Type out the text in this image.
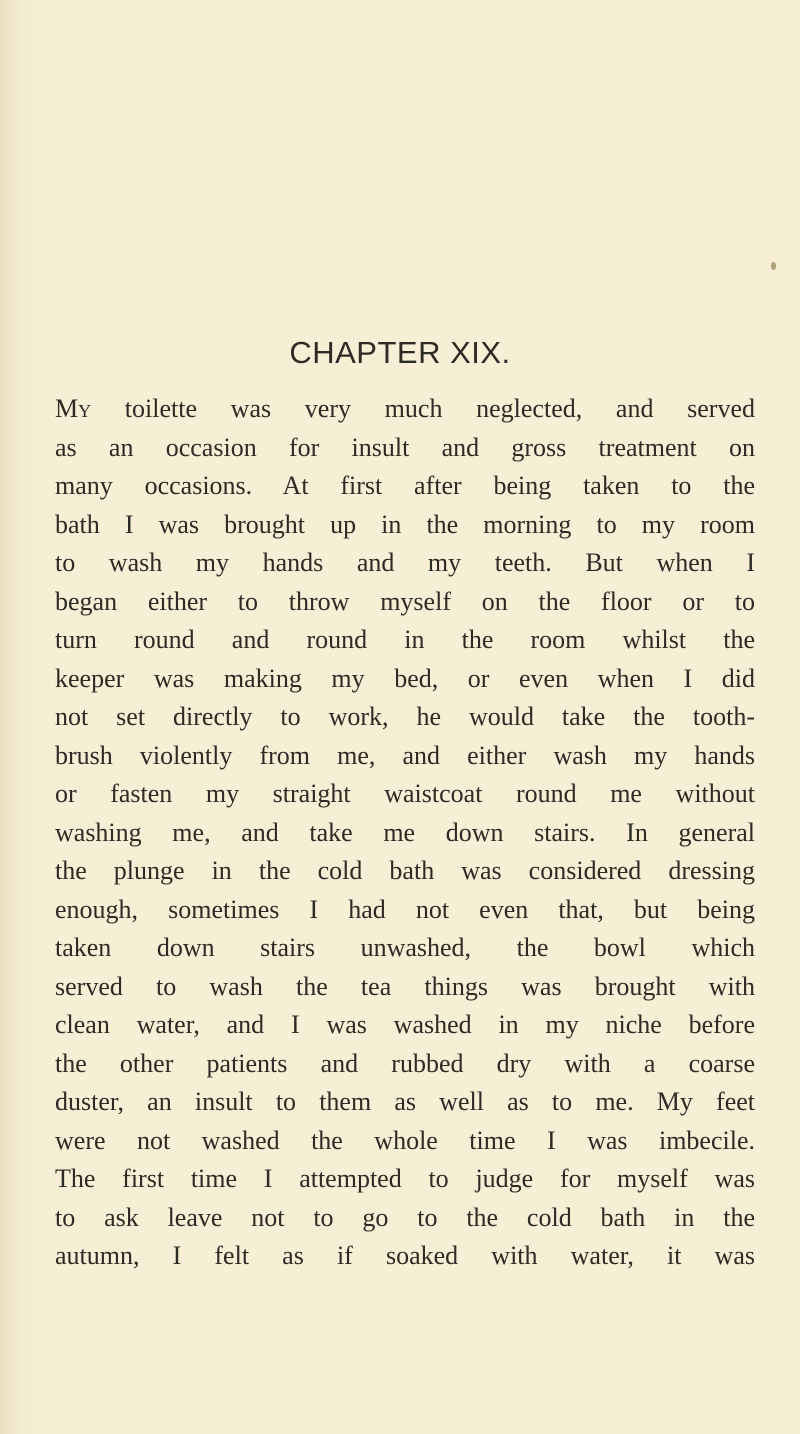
CHAPTER XIX.
My toilette was very much neglected, and served
as an occasion for insult and gross treatment on
many occasions. At first after being taken to the
bath I was brought up in the morning to my room
to wash my hands and my teeth. But when I
began either to throw myself on the floor or to
turn round and round in the room whilst the
keeper was making my bed, or even when I did
not set directly to work, he would take the tooth-
brush violently from me, and either wash my hands
or fasten my straight waistcoat round me without
washing me, and take me down stairs. In general
the plunge in the cold bath was considered dressing
enough, sometimes I had not even that, but being
taken down stairs unwashed, the bowl which
served to wash the tea things was brought with
clean water, and I was washed in my niche before
the other patients and rubbed dry with a coarse
duster, an insult to them as well as to me. My feet
were not washed the whole time I was imbecile.
The first time I attempted to judge for myself was
to ask leave not to go to the cold bath in the
autumn, I felt as if soaked with water, it was
